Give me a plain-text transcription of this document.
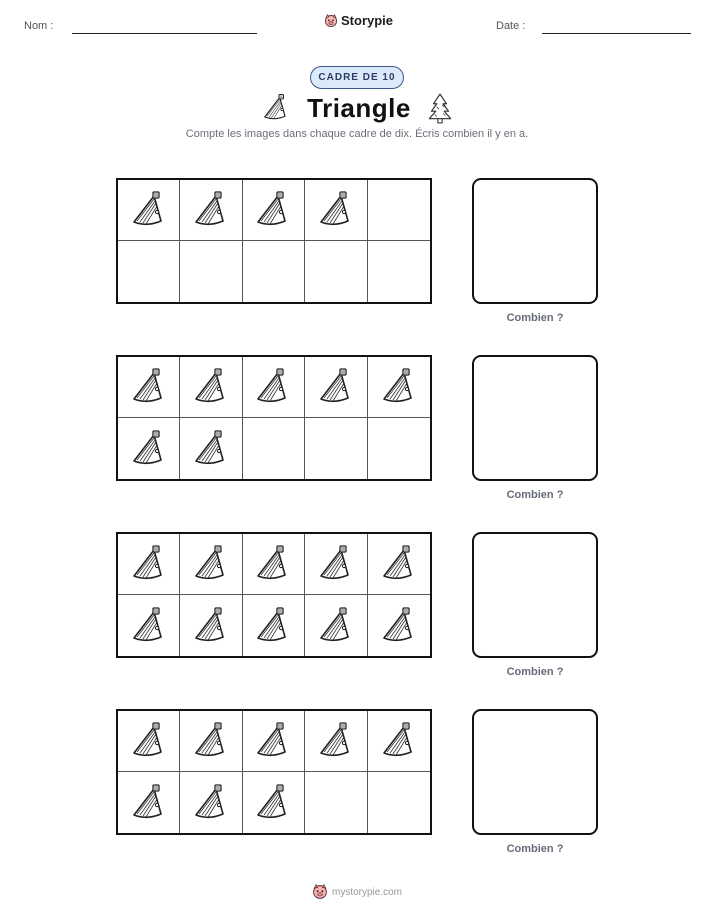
Nom :	Storypie	Date :
CADRE DE 10
Triangle
Compte les images dans chaque cadre de dix. Écris combien il y en a.
Combien ?
Combien ?
Combien ?
Combien ?
mystorypie.com
